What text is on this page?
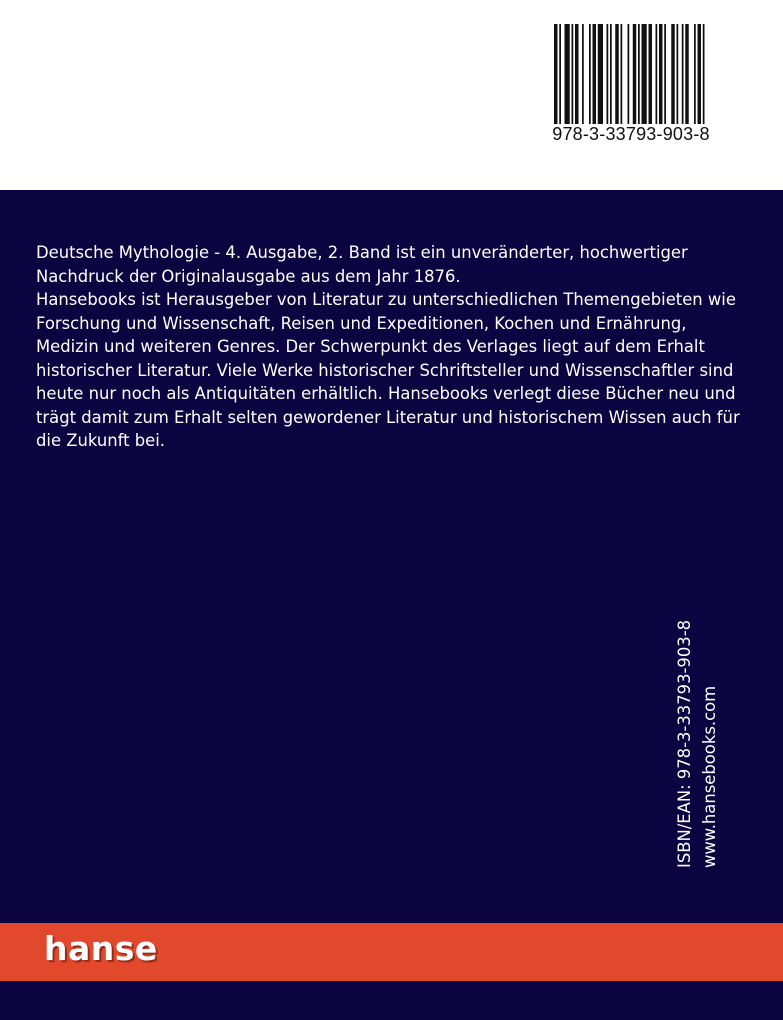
978-3-33793-903-8

Deutsche Mythologie - 4. Ausgabe, 2. Band ist ein unveränderter, hochwertiger

Nachdruck der Originalausgabe aus dem Jahr 1876.

Hansebooks ist Herausgeber von Literatur zu unterschiedlichen Themengebieten wie

Forschung und Wissenschaft, Reisen und Expeditionen, Kochen und Ernährung,

Medizin und weiteren Genres. Der Schwerpunkt des Verlages liegt auf dem Erhalt

historischer Literatur. Viele Werke historischer Schriftsteller und Wissenschaftler sind

heute nur noch als Antiquitäten erhältlich. Hansebooks verlegt diese Bücher neu und

trägt damit zum Erhalt selten gewordener Literatur und historischem Wissen auch für

die Zukunft bei.

ISBN/EAN: 978-3-33793-903-8 www.hansebooks.com
hanse
